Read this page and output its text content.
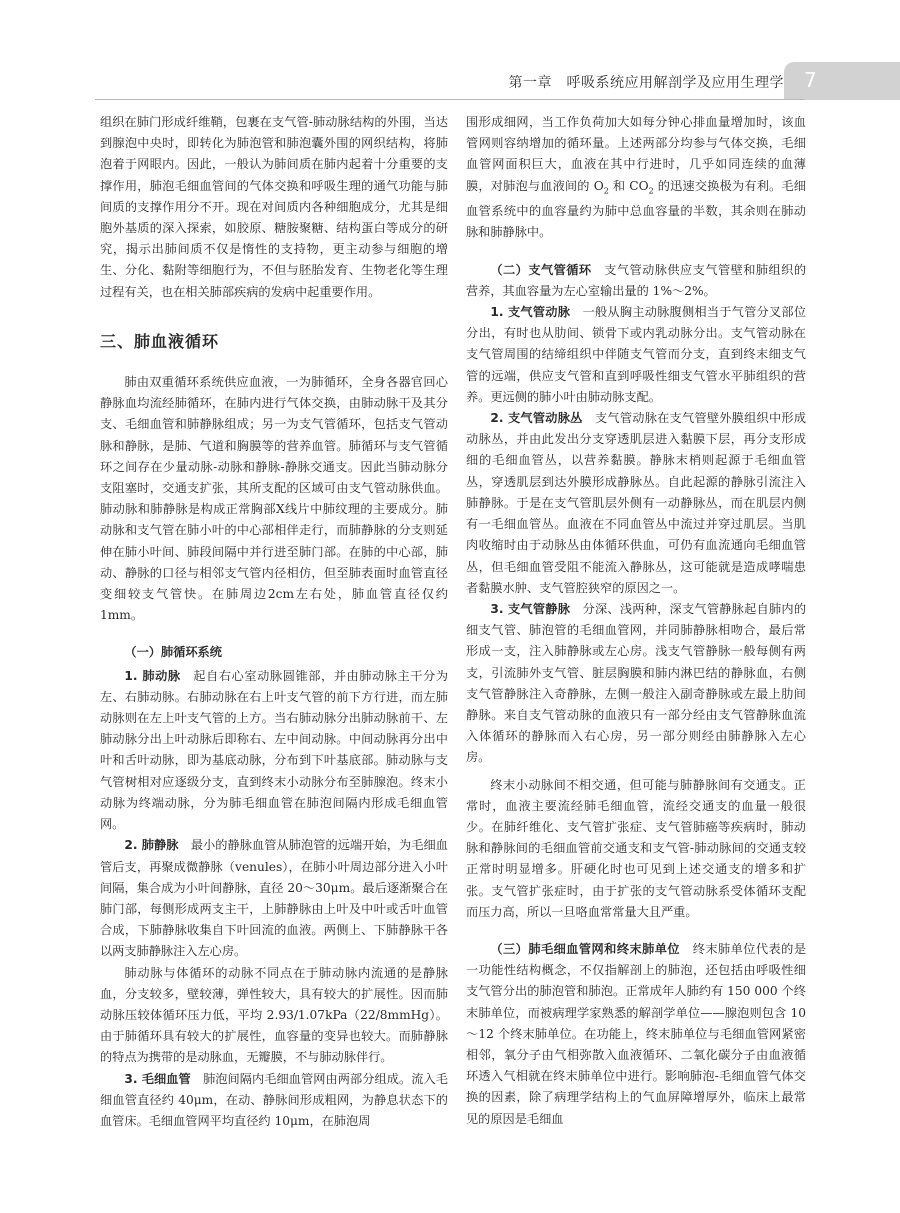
第一章　呼吸系统应用解剖学及应用生理学 7

组织在肺门形成纤维鞘，包裹在支气管-肺动脉结构的外围，当达到腺泡中央时，即转化为肺泡管和肺泡囊外围的网织结构，将肺泡着于网眼内。因此，一般认为肺间质在肺内起着十分重要的支撑作用，肺泡毛细血管间的气体交换和呼吸生理的通气功能与肺间质的支撑作用分不开。现在对间质内各种细胞成分，尤其是细胞外基质的深入探索，如胶原、糖胺聚糖、结构蛋白等成分的研究，揭示出肺间质不仅是惰性的支持物，更主动参与细胞的增生、分化、黏附等细胞行为，不但与胚胎发育、生物老化等生理过程有关，也在相关肺部疾病的发病中起重要作用。

三、肺血液循环

肺由双重循环系统供应血液，一为肺循环，全身各器官回心静脉血均流经肺循环，在肺内进行气体交换，由肺动脉干及其分支、毛细血管和肺静脉组成；另一为支气管循环，包括支气管动脉和静脉，是肺、气道和胸膜等的营养血管。肺循环与支气管循环之间存在少量动脉-动脉和静脉-静脉交通支。因此当肺动脉分支阻塞时，交通支扩张，其所支配的区域可由支气管动脉供血。肺动脉和肺静脉是构成正常胸部X线片中肺纹理的主要成分。肺动脉和支气管在肺小叶的中心部相伴走行，而肺静脉的分支则延伸在肺小叶间、肺段间隔中并行进至肺门部。在肺的中心部，肺动、静脉的口径与相邻支气管内径相仿，但至肺表面时血管直径变细较支气管快。在肺周边2cm左右处，肺血管直径仅约1mm。

（一）肺循环系统

1. 肺动脉　 起自右心室动脉圆锥部，并由肺动脉主干分为左、右肺动脉。右肺动脉在右上叶支气管的前下方行进，而左肺动脉则在左上叶支气管的上方。当右肺动脉分出肺动脉前干、左肺动脉分出上叶动脉后即称右、左中间动脉。中间动脉再分出中叶和舌叶动脉，即为基底动脉，分布到下叶基底部。肺动脉与支气管树相对应逐级分支，直到终末小动脉分布至肺腺泡。终末小动脉为终端动脉，分为肺毛细血管在肺泡间隔内形成毛细血管网。

2. 肺静脉　 最小的静脉血管从肺泡管的远端开始，为毛细血管后支，再聚成微静脉（venules），在肺小叶周边部分进入小叶间隔，集合成为小叶间静脉，直径 20～30μm。最后逐渐聚合在肺门部，每侧形成两支主干，上肺静脉由上叶及中叶或舌叶血管合成，下肺静脉收集自下叶回流的血液。两侧上、下肺静脉干各以两支肺静脉注入左心房。

肺动脉与体循环的动脉不同点在于肺动脉内流通的是静脉血，分支较多，壁较薄，弹性较大，具有较大的扩展性。因而肺动脉压较体循环压力低，平均 2.93/1.07kPa（22/8mmHg）。由于肺循环具有较大的扩展性，血容量的变异也较大。而肺静脉的特点为携带的是动脉血，无瓣膜，不与肺动脉伴行。

3. 毛细血管　 肺泡间隔内毛细血管网由两部分组成。流入毛细血管直径约 40μm，在动、静脉间形成粗网，为静息状态下的血管床。毛细血管网平均直径约 10μm，在肺泡周

围形成细网，当工作负荷加大如每分钟心排血量增加时，该血管网则容纳增加的循环量。上述两部分均参与气体交换，毛细血管网面积巨大，血液在其中行进时，几乎如同连续的血薄膜，对肺泡与血液间的 $O_2$ 和 $CO_2$ 的迅速交换极为有利。毛细血管系统中的血容量约为肺中总血容量的半数，其余则在肺动脉和肺静脉中。

（二）支气管循环　 支气管动脉供应支气管壁和肺组织的营养，其血容量为左心室输出量的 1%～2%。

1. 支气管动脉　 一般从胸主动脉腹侧相当于气管分叉部位分出，有时也从肋间、锁骨下或内乳动脉分出。支气管动脉在支气管周围的结缔组织中伴随支气管而分支，直到终末细支气管的远端，供应支气管和直到呼吸性细支气管水平肺组织的营养。更远侧的肺小叶由肺动脉支配。

2. 支气管动脉丛　 支气管动脉在支气管壁外膜组织中形成动脉丛，并由此发出分支穿透肌层进入黏膜下层，再分支形成细的毛细血管丛，以营养黏膜。静脉末梢则起源于毛细血管丛，穿透肌层到达外膜形成静脉丛。自此起源的静脉引流注入肺静脉。于是在支气管肌层外侧有一动静脉丛，而在肌层内侧有一毛细血管丛。血液在不同血管丛中流过并穿过肌层。当肌肉收缩时由于动脉丛由体循环供血，可仍有血流通向毛细血管丛，但毛细血管受阻不能流入静脉丛，这可能就是造成哮喘患者黏膜水肿、支气管腔狭窄的原因之一。

3. 支气管静脉　 分深、浅两种，深支气管静脉起自肺内的细支气管、肺泡管的毛细血管网，并同肺静脉相吻合，最后常形成一支，注入肺静脉或左心房。浅支气管静脉一般每侧有两支，引流肺外支气管、脏层胸膜和肺内淋巴结的静脉血，右侧支气管静脉注入奇静脉，左侧一般注入副奇静脉或左最上肋间静脉。来自支气管动脉的血液只有一部分经由支气管静脉血流入体循环的静脉而入右心房，另一部分则经由肺静脉入左心房。

终末小动脉间不相交通，但可能与肺静脉间有交通支。正常时，血液主要流经肺毛细血管，流经交通支的血量一般很少。在肺纤维化、支气管扩张症、支气管肺癌等疾病时，肺动脉和静脉间的毛细血管前交通支和支气管-肺动脉间的交通支较正常时明显增多。肝硬化时也可见到上述交通支的增多和扩张。支气管扩张症时，由于扩张的支气管动脉系受体循环支配而压力高，所以一旦咯血常常量大且严重。

（三）肺毛细血管网和终末肺单位　 终末肺单位代表的是一功能性结构概念，不仅指解剖上的肺泡，还包括由呼吸性细支气管分出的肺泡管和肺泡。正常成年人肺约有 150 000 个终末肺单位，而被病理学家熟悉的解剖学单位——腺泡则包含 10～12 个终末肺单位。在功能上，终末肺单位与毛细血管网紧密相邻，氧分子由气相弥散入血液循环、二氧化碳分子由血液循环透入气相就在终末肺单位中进行。影响肺泡-毛细血管气体交换的因素，除了病理学结构上的气血屏障增厚外，临床上最常见的原因是毛细血
